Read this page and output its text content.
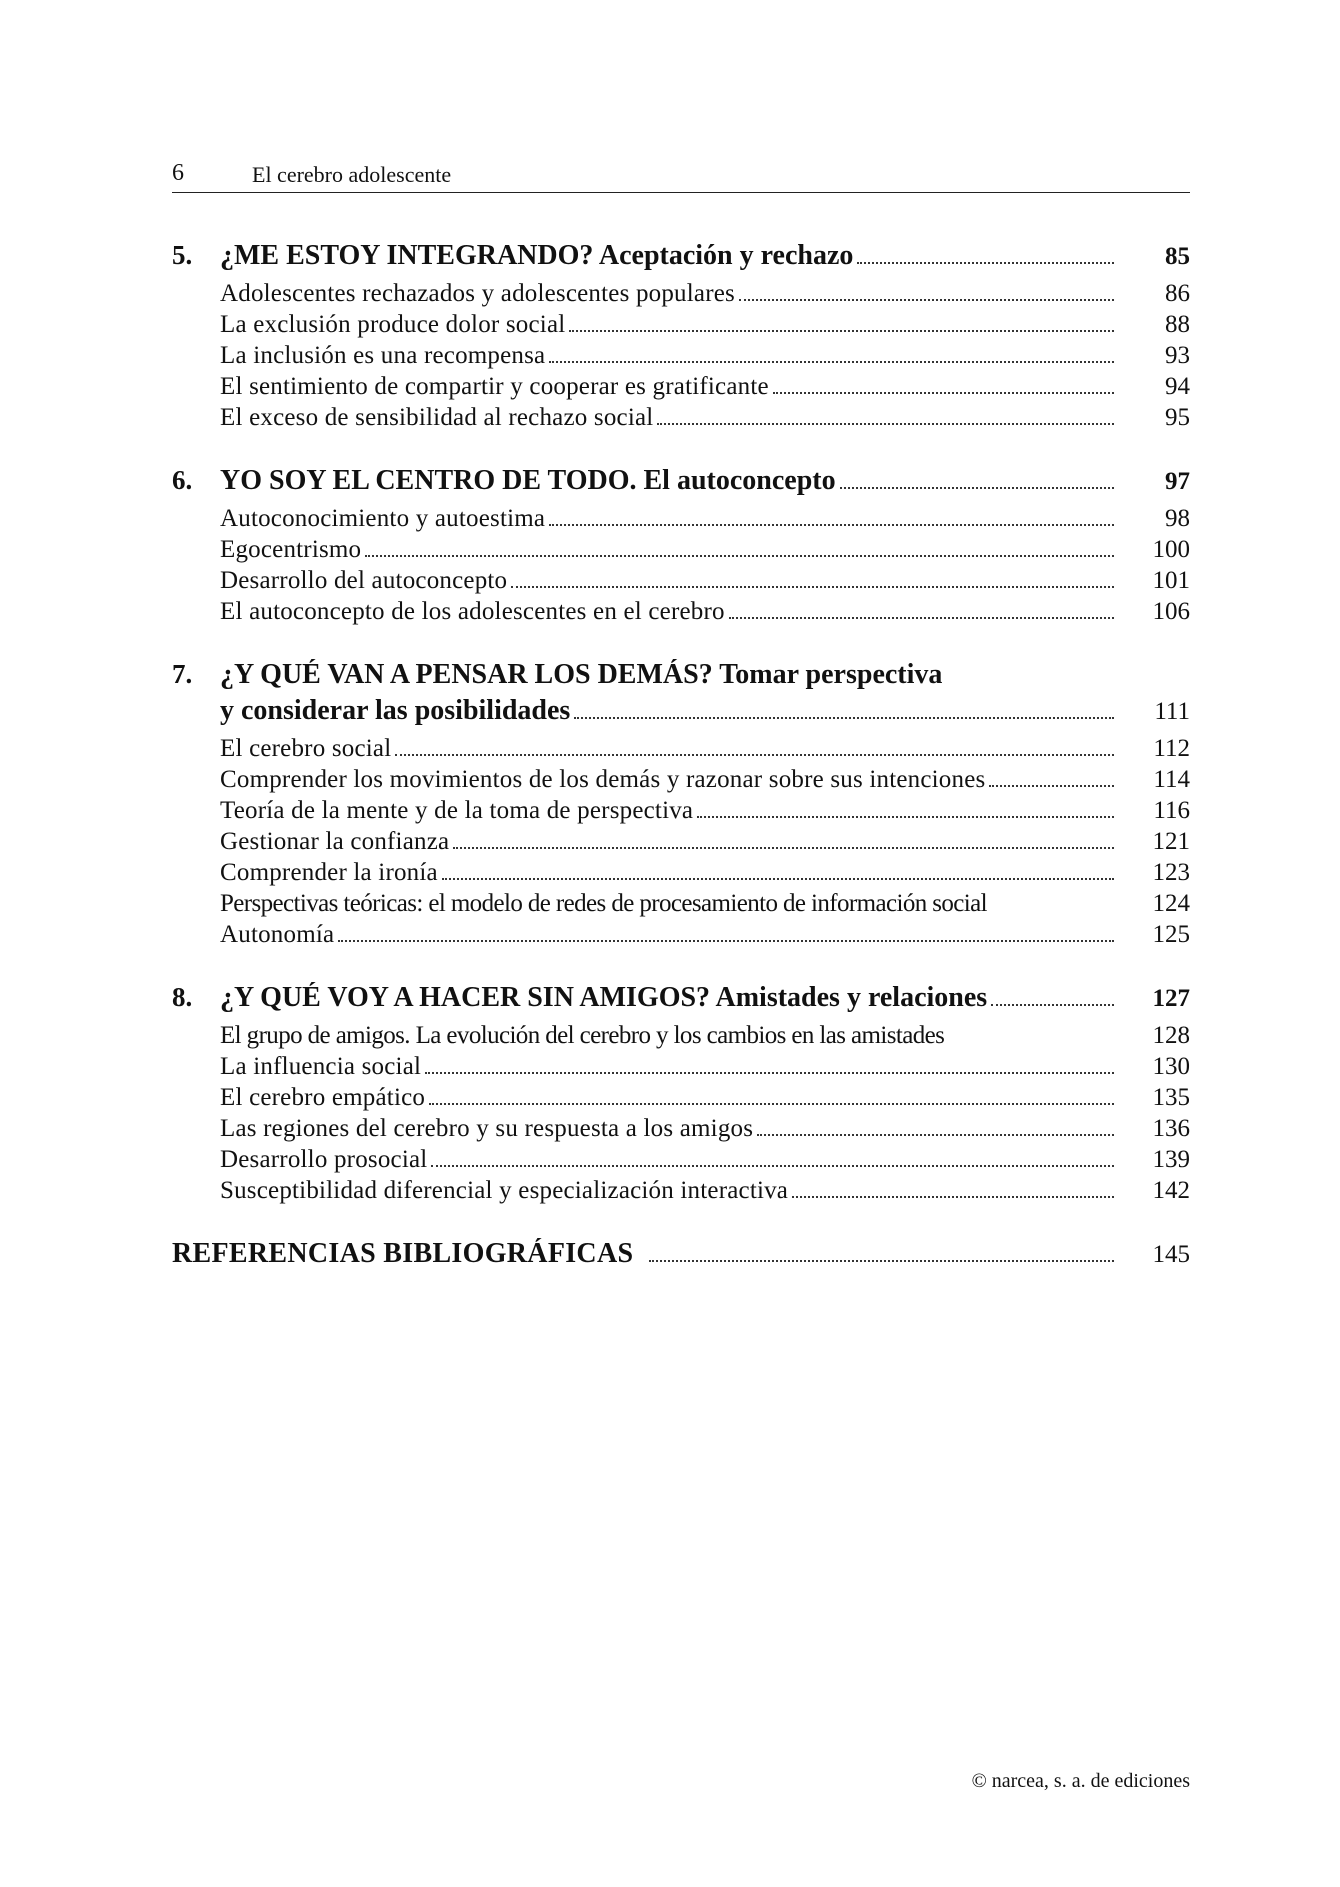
6	El cerebro adolescente
5. ¿ME ESTOY INTEGRANDO? Aceptación y rechazo	85
Adolescentes rechazados y adolescentes populares	86
La exclusión produce dolor social	88
La inclusión es una recompensa	93
El sentimiento de compartir y cooperar es gratificante	94
El exceso de sensibilidad al rechazo social	95
6. YO SOY EL CENTRO DE TODO. El autoconcepto	97
Autoconocimiento y autoestima	98
Egocentrismo	100
Desarrollo del autoconcepto	101
El autoconcepto de los adolescentes en el cerebro	106
7. ¿Y QUÉ VAN A PENSAR LOS DEMÁS? Tomar perspectiva
y considerar las posibilidades	111
El cerebro social	112
Comprender los movimientos de los demás y razonar sobre sus intenciones	114
Teoría de la mente y de la toma de perspectiva	116
Gestionar la confianza	121
Comprender la ironía	123
Perspectivas teóricas: el modelo de redes de procesamiento de información social	124
Autonomía	125
8. ¿Y QUÉ VOY A HACER SIN AMIGOS? Amistades y relaciones	127
El grupo de amigos. La evolución del cerebro y los cambios en las amistades	128
La influencia social	130
El cerebro empático	135
Las regiones del cerebro y su respuesta a los amigos	136
Desarrollo prosocial	139
Susceptibilidad diferencial y especialización interactiva	142
REFERENCIAS BIBLIOGRÁFICAS	145
© narcea, s. a. de ediciones
